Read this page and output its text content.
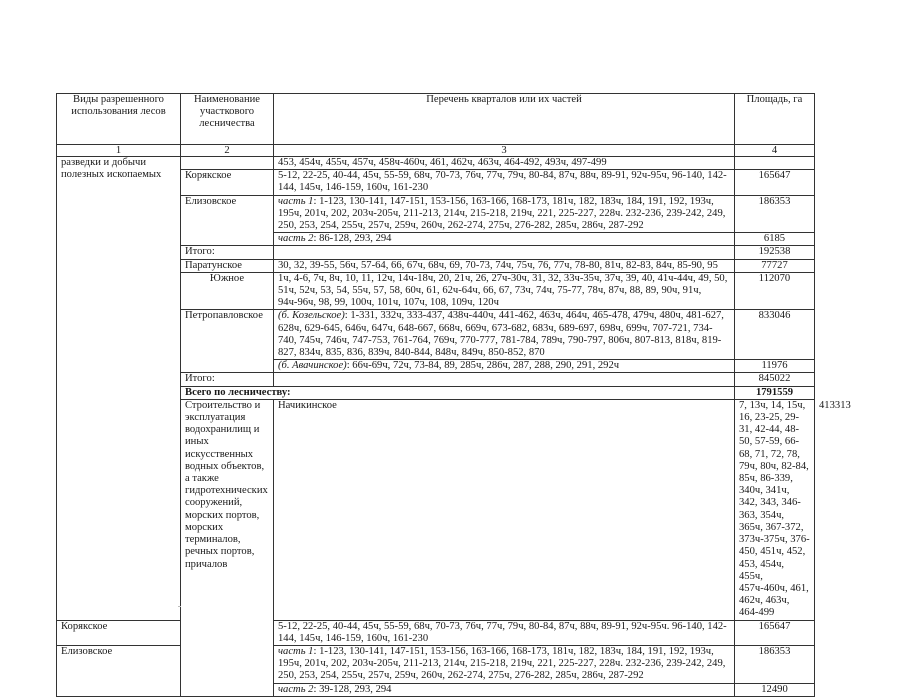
Виды разрешенного использования лесов	Наименование участкового лесничества	Перечень кварталов или их частей	Площадь, га	
1	2	3	4	
разведки и добычи полезных ископаемых		453, 454ч, 455ч, 457ч, 458ч-460ч, 461, 462ч, 463ч, 464-492, 493ч, 497-499		
	Корякское	5-12, 22-25, 40-44, 45ч, 55-59, 68ч, 70-73, 76ч, 77ч, 79ч, 80-84, 87ч, 88ч, 89-91, 92ч-95ч, 96-140, 142-144, 145ч, 146-159, 160ч, 161-230	165647	
	Елизовское	часть 1: 1-123, 130-141, 147-151, 153-156, 163-166, 168-173, 181ч, 182, 183ч, 184, 191, 192, 193ч, 195ч, 201ч, 202, 203ч-205ч, 211-213, 214ч, 215-218, 219ч, 221, 225-227, 228ч. 232-236, 239-242, 249, 250, 253, 254, 255ч, 257ч, 259ч, 260ч, 262-274, 275ч, 276-282, 285ч, 286ч, 287-292	186353	
		часть 2: 86-128, 293, 294	6185	
	Итого:		192538	
	Паратунское	30, 32, 39-55, 56ч, 57-64, 66, 67ч, 68ч, 69, 70-73, 74ч, 75ч, 76, 77ч, 78-80, 81ч, 82-83, 84ч, 85-90, 95	77727	
	Южное	1ч, 4-6, 7ч, 8ч, 10, 11, 12ч, 14ч-18ч, 20, 21ч, 26, 27ч-30ч, 31, 32, 33ч-35ч, 37ч, 39, 40, 41ч-44ч, 49, 50, 51ч, 52ч, 53, 54, 55ч, 57, 58, 60ч, 61, 62ч-64ч, 66, 67, 73ч, 74ч, 75-77, 78ч, 87ч, 88, 89, 90ч, 91ч, 94ч-96ч, 98, 99, 100ч, 101ч, 107ч, 108, 109ч, 120ч	112070	
	Петропавловское	(б. Козельское): 1-331, 332ч, 333-437, 438ч-440ч, 441-462, 463ч, 464ч, 465-478, 479ч, 480ч, 481-627, 628ч, 629-645, 646ч, 647ч, 648-667, 668ч, 669ч, 673-682, 683ч, 689-697, 698ч, 699ч, 707-721, 734-740, 745ч, 746ч, 747-753, 761-764, 769ч, 770-777, 781-784, 789ч, 790-797, 806ч, 807-813, 818ч, 819-827, 834ч, 835, 836, 839ч, 840-844, 848ч, 849ч, 850-852, 870	833046	
		(б. Авачинское): 66ч-69ч, 72ч, 73-84, 89, 285ч, 286ч, 287, 288, 290, 291, 292ч	11976	
	Итого:		845022	
	Всего по лесничеству:		1791559	
	Строительство и эксплуатация водохранилищ и иных искусственных водных объектов, а также гидротехнических сооружений, морских портов, морских терминалов, речных портов, причалов	Начикинское	7, 13ч, 14, 15ч, 16, 23-25, 29-31, 42-44, 48-50, 57-59, 66-68, 71, 72, 78, 79ч, 80ч, 82-84, 85ч, 86-339, 340ч, 341ч, 342, 343, 346-363, 354ч, 365ч, 367-372, 373ч-375ч, 376-450, 451ч, 452, 453, 454ч, 455ч, 457ч-460ч, 461, 462ч, 463ч, 464-499	413313
Корякское		5-12, 22-25, 40-44, 45ч, 55-59, 68ч, 70-73, 76ч, 77ч, 79ч, 80-84, 87ч, 88ч, 89-91, 92ч-95ч. 96-140, 142-144, 145ч, 146-159, 160ч, 161-230	165647	
Елизовское		часть 1: 1-123, 130-141, 147-151, 153-156, 163-166, 168-173, 181ч, 182, 183ч, 184, 191, 192, 193ч, 195ч, 201ч, 202, 203ч-205ч, 211-213, 214ч, 215-218, 219ч, 221, 225-227, 228ч. 232-236, 239-242, 249, 250, 253, 254, 255ч, 257ч, 259ч, 260ч, 262-274, 275ч, 276-282, 285ч, 286ч, 287-292	186353	
		часть 2: 39-128, 293, 294	12490	
